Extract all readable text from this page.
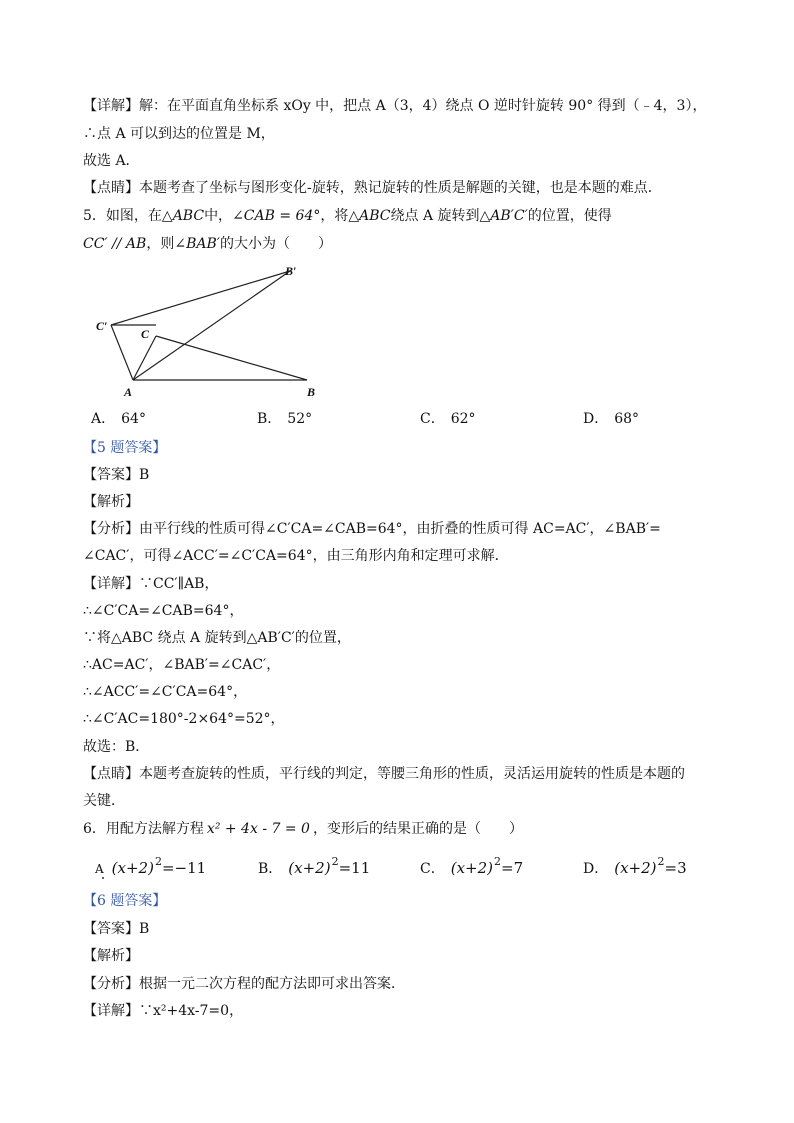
【详解】解：在平面直角坐标系 xOy 中，把点 A（3，4）绕点 O 逆时针旋转 90° 得到（﹣4，3），
∴点 A 可以到达的位置是 M，
故选 A．
【点睛】本题考查了坐标与图形变化-旋转，熟记旋转的性质是解题的关键，也是本题的难点．
5．如图，在△ABC中，∠CAB = 64°，将△ABC绕点 A 旋转到△AB′C′的位置，使得
CC′ // AB，则∠BAB′的大小为（　　）
A	B
C
C′
B′
A． 64°	B． 52°	C． 62°	D． 68°
【5 题答案】
【答案】B
【解析】
【分析】由平行线的性质可得∠C′CA=∠CAB=64°，由折叠的性质可得 AC=AC′，∠BAB′=
∠CAC′，可得∠ACC′=∠C′CA=64°，由三角形内角和定理可求解．
【详解】∵CC′∥AB，
∴∠C′CA=∠CAB=64°，
∵将△ABC 绕点 A 旋转到△AB′C′的位置，
∴AC=AC′，∠BAB′=∠CAC′，
∴∠ACC′=∠C′CA=64°，
∴∠C′AC=180°-2×64°=52°，
故选：B．
【点睛】本题考查旋转的性质，平行线的判定，等腰三角形的性质，灵活运用旋转的性质是本题的
关键．
6．用配方法解方程 x² + 4x - 7 = 0 ，变形后的结果正确的是（　　）
A $(x+2)^2=-11$	B． $(x+2)^2=11$	C． $(x+2)^2=7$	D． $(x+2)^2=3$
【6 题答案】
【答案】B
【解析】
【分析】根据一元二次方程的配方法即可求出答案．
【详解】∵x²+4x-7=0，
